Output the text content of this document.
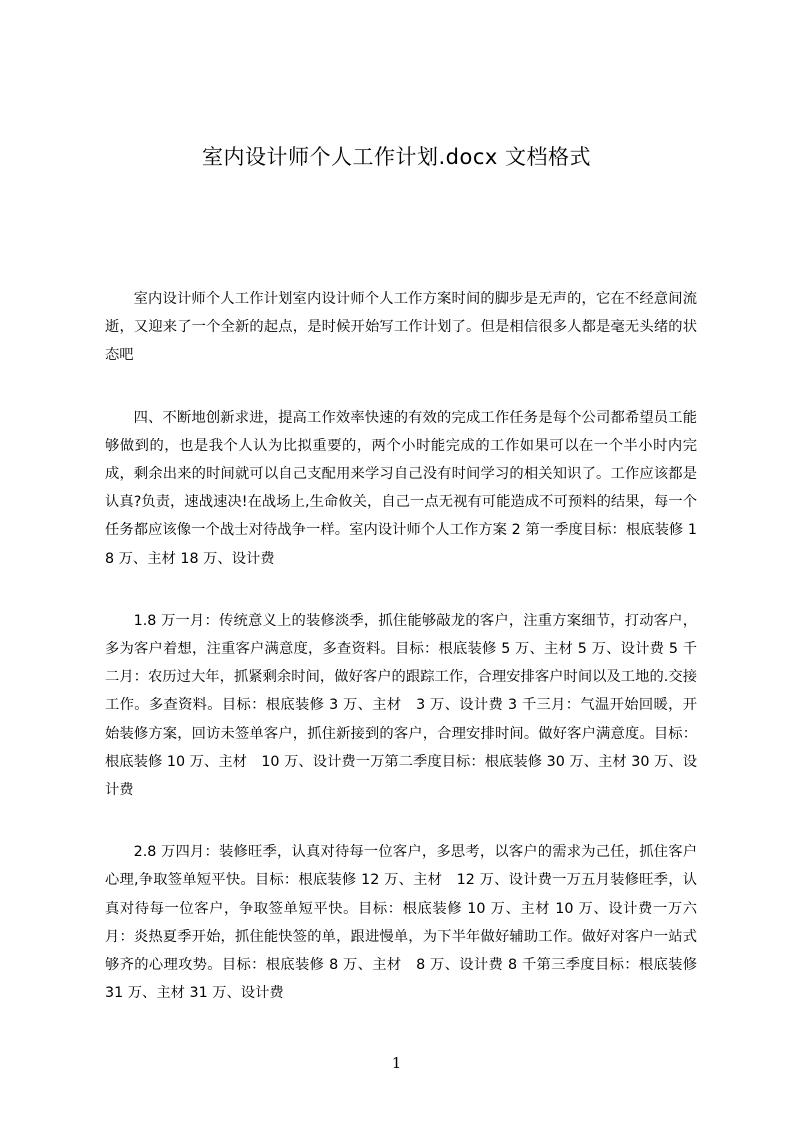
室内设计师个人工作计划.docx 文档格式

室内设计师个人工作计划室内设计师个人工作方案时间的脚步是无声的，它在不经意间流逝，又迎来了一个全新的起点，是时候开始写工作计划了。但是相信很多人都是毫无头绪的状态吧

四、不断地创新求进，提高工作效率快速的有效的完成工作任务是每个公司都希望员工能够做到的，也是我个人认为比拟重要的，两个小时能完成的工作如果可以在一个半小时内完成，剩余出来的时间就可以自己支配用来学习自己没有时间学习的相关知识了。工作应该都是认真?负责，速战速决!在战场上,生命攸关，自己一点无视有可能造成不可预料的结果，每一个任务都应该像一个战士对待战争一样。室内设计师个人工作方案 2 第一季度目标：根底装修 18 万、主材 18 万、设计费

1.8 万一月：传统意义上的装修淡季，抓住能够敲龙的客户，注重方案细节，打动客户，多为客户着想，注重客户满意度，多查资料。目标：根底装修 5 万、主材 5 万、设计费 5 千二月：农历过大年，抓紧剩余时间，做好客户的跟踪工作，合理安排客户时间以及工地的.交接工作。多查资料。目标：根底装修 3 万、主材　3 万、设计费 3 千三月：气温开始回暖，开始装修方案，回访未签单客户，抓住新接到的客户，合理安排时间。做好客户满意度。目标：根底装修 10 万、主材　10 万、设计费一万第二季度目标：根底装修 30 万、主材 30 万、设计费

2.8 万四月：装修旺季，认真对待每一位客户，多思考，以客户的需求为己任，抓住客户心理,争取签单短平快。目标：根底装修 12 万、主材　12 万、设计费一万五月装修旺季，认真对待每一位客户，争取签单短平快。目标：根底装修 10 万、主材 10 万、设计费一万六月：炎热夏季开始，抓住能快签的单，跟进慢单，为下半年做好辅助工作。做好对客户一站式够齐的心理攻势。目标：根底装修 8 万、主材　8 万、设计费 8 千第三季度目标：根底装修 31 万、主材 31 万、设计费

1
